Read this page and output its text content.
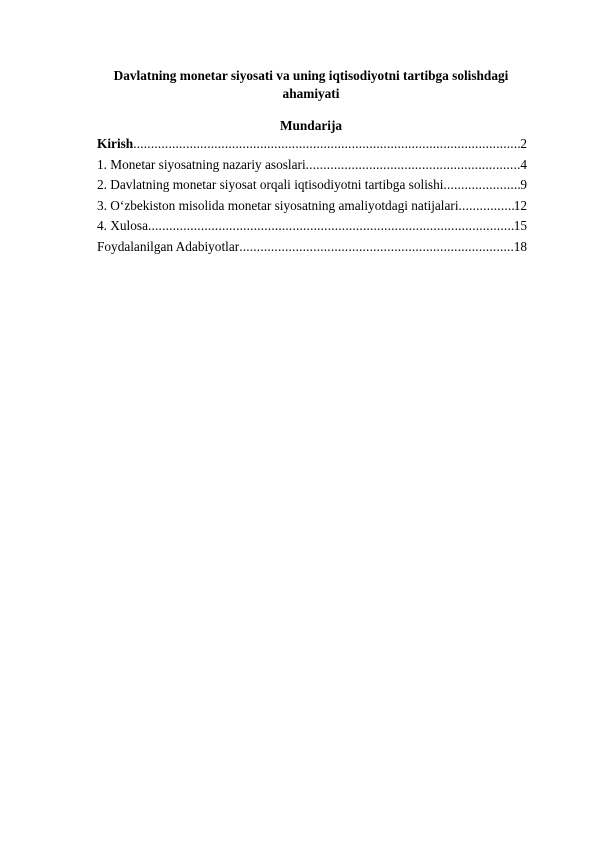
Davlatning monetar siyosati va uning iqtisodiyotni tartibga solishdagi ahamiyati
Mundarija
Kirish .....	2
1. Monetar siyosatning nazariy asoslari .....	4
2. Davlatning monetar siyosat orqali iqtisodiyotni tartibga solishi .....	9
3. O‘zbekiston misolida monetar siyosatning amaliyotdagi natijalari .....	12
4. Xulosa .....	15
Foydalanilgan Adabiyotlar .....	18
